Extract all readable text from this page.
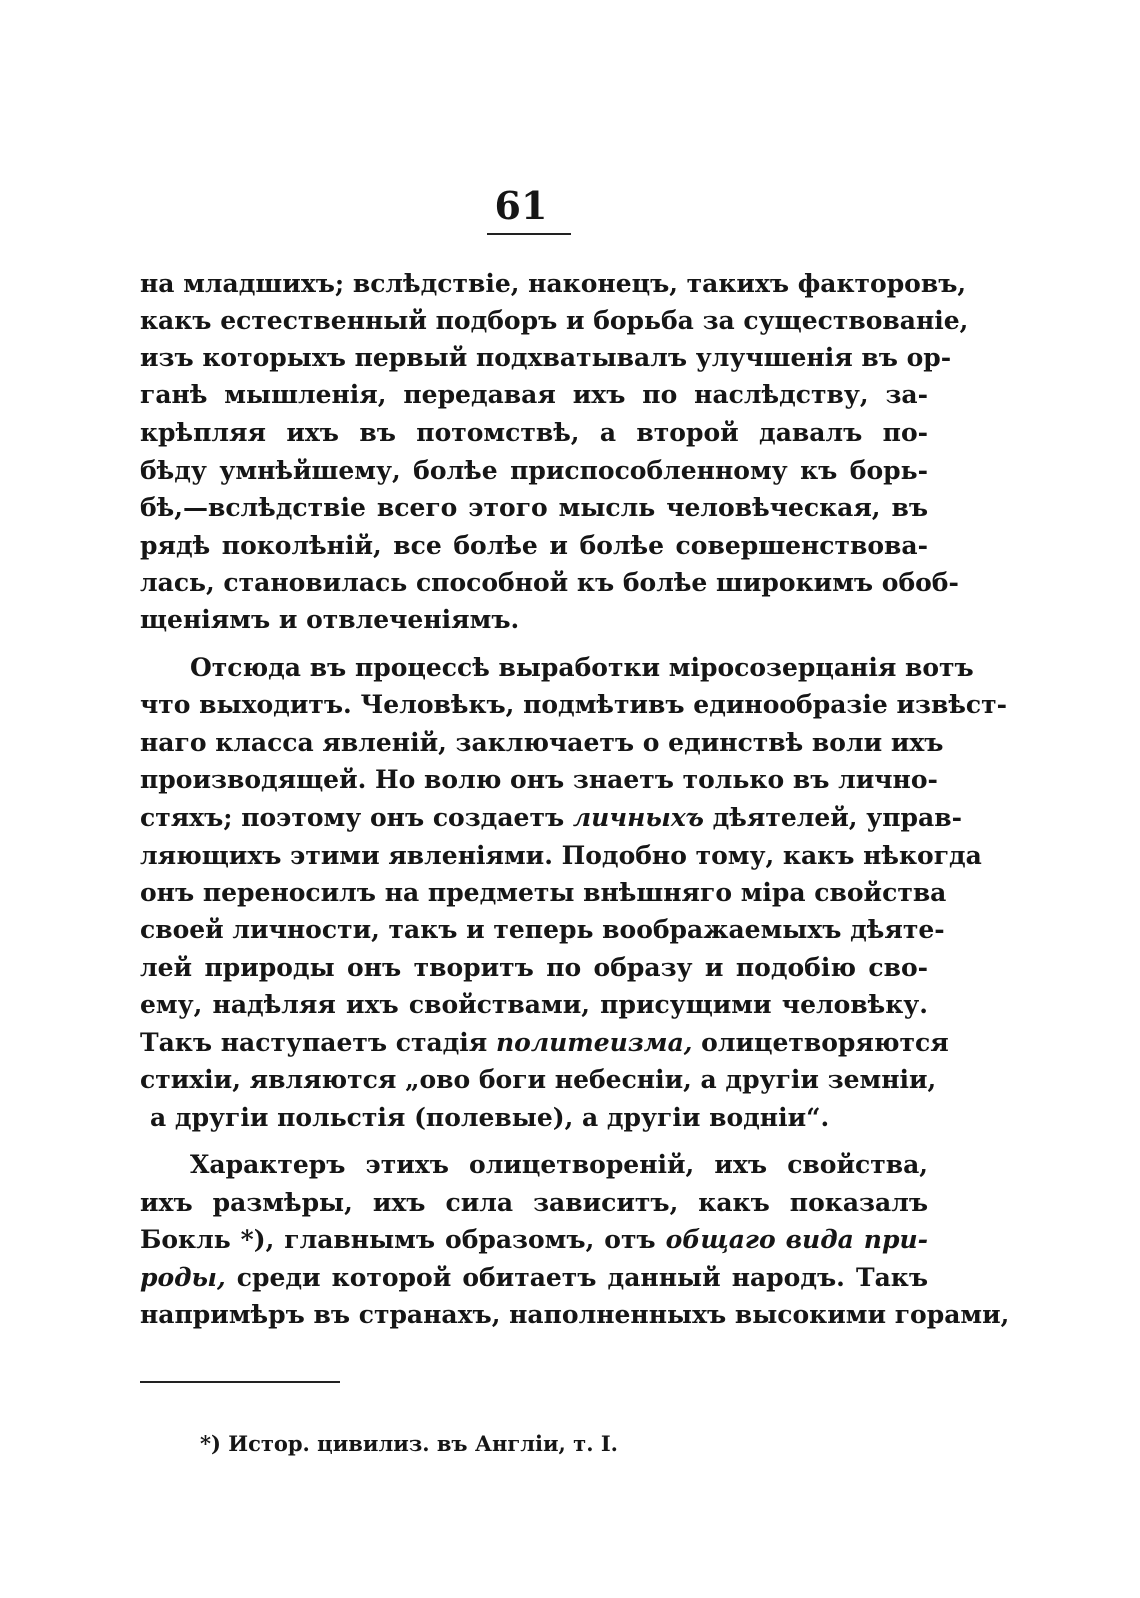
61

на младшихъ; вслѣдствіе, наконецъ, такихъ факторовъ,

какъ естественный подборъ и борьба за существованіе,

изъ которыхъ первый подхватывалъ улучшенія въ ор-

ганѣ мышленія, передавая ихъ по наслѣдству, за-

крѣпляя ихъ въ потомствѣ, а второй давалъ по-

бѣду умнѣйшему, болѣе приспособленному къ борь-

бѣ,—вслѣдствіе всего этого мысль человѣческая, въ

рядѣ поколѣній, все болѣе и болѣе совершенствова-

лась, становилась способной къ болѣе широкимъ обоб-

щеніямъ и отвлеченіямъ.

Отсюда въ процессѣ выработки міросозерцанія вотъ

что выходитъ. Человѣкъ, подмѣтивъ единообразіе извѣст-

наго класса явленій, заключаетъ о единствѣ воли ихъ

производящей. Но волю онъ знаетъ только въ лично-

стяхъ; поэтому онъ создаетъ личныхъ дѣятелей, управ-

ляющихъ этими явленіями. Подобно тому, какъ нѣкогда

онъ переносилъ на предметы внѣшняго міра свойства

своей личности, такъ и теперь воображаемыхъ дѣяте-

лей природы онъ творитъ по образу и подобію сво-

ему, надѣляя ихъ свойствами, присущими человѣку.

Такъ наступаетъ стадія политеизма, олицетворяются

стихіи, являются „ово боги небесніи, а другіи земніи,

а другіи польстія (полевые), а другіи водніи“.

Характеръ этихъ олицетвореній, ихъ свойства,

ихъ размѣры, ихъ сила зависитъ, какъ показалъ

Бокль *), главнымъ образомъ, отъ общаго вида при-

роды, среди которой обитаетъ данный народъ. Такъ

напримѣръ въ странахъ, наполненныхъ высокими горами,

*) Истор. цивилиз. въ Англіи, т. I.
